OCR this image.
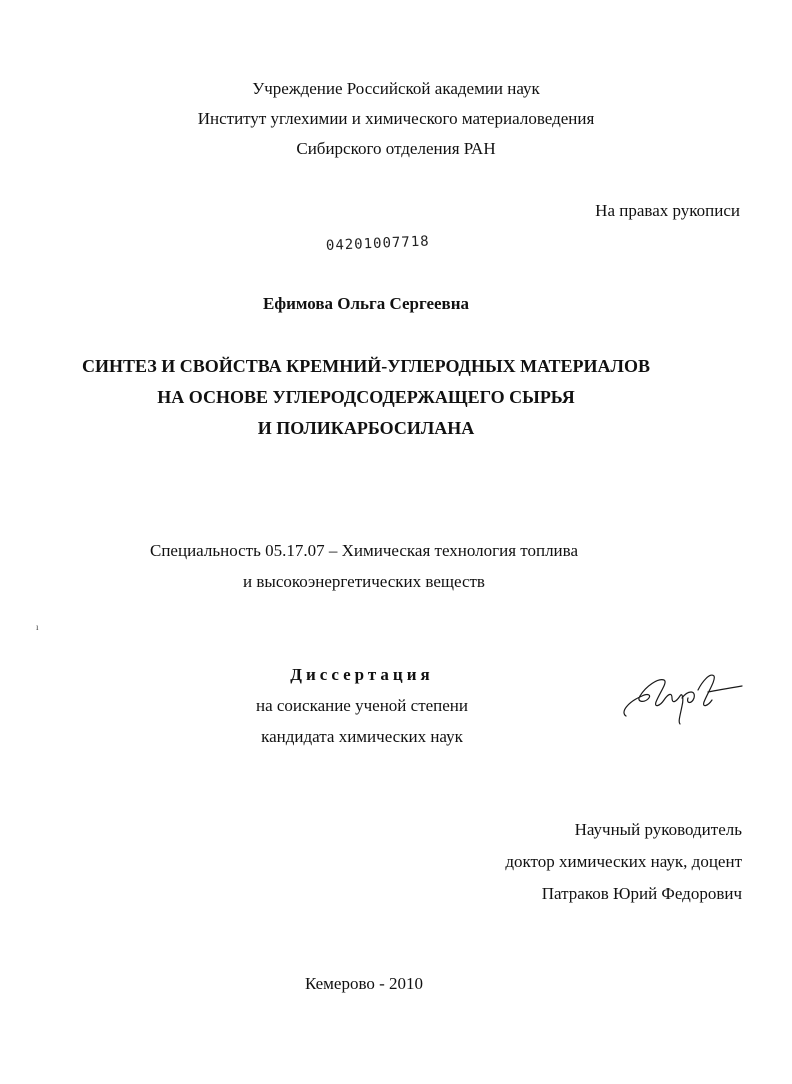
Учреждение Российской академии наук
Институт углехимии и химического материаловедения
Сибирского отделения РАН
На правах рукописи
04201007718
Ефимова Ольга Сергеевна
СИНТЕЗ И СВОЙСТВА КРЕМНИЙ-УГЛЕРОДНЫХ МАТЕРИАЛОВ
НА ОСНОВЕ УГЛЕРОДСОДЕРЖАЩЕГО СЫРЬЯ
И ПОЛИКАРБОСИЛАНА
Специальность 05.17.07 – Химическая технология топлива
и высокоэнергетических веществ
ı
Диссертация
на соискание ученой степени
кандидата химических наук
Научный руководитель
доктор химических наук, доцент
Патраков Юрий Федорович
Кемерово - 2010
